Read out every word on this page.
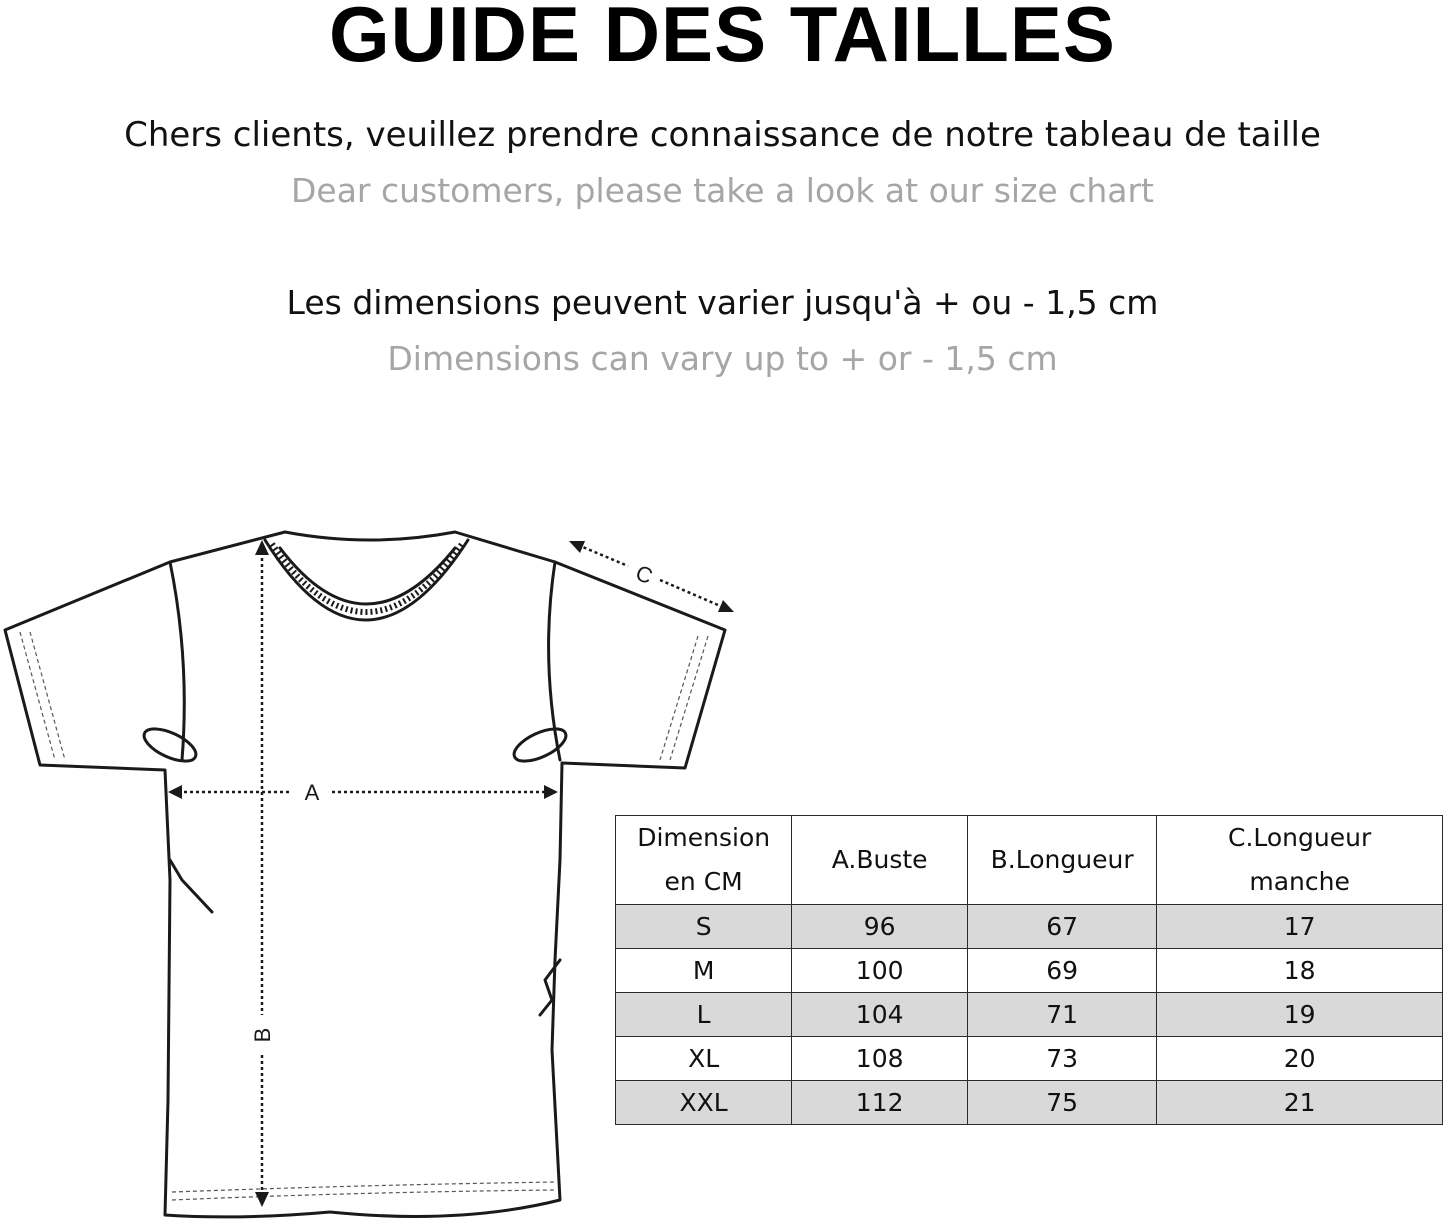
GUIDE DES TAILLES
Chers clients, veuillez prendre connaissance de notre tableau de taille
Dear customers, please take a look at our size chart
Les dimensions peuvent varier jusqu'à + ou - 1,5 cm
Dimensions can vary up to + or - 1,5 cm
A
B
C
Dimension
en CM	A.Buste	B.Longueur	C.Longueur
manche
S	96	67	17
M	100	69	18
L	104	71	19
XL	108	73	20
XXL	112	75	21
